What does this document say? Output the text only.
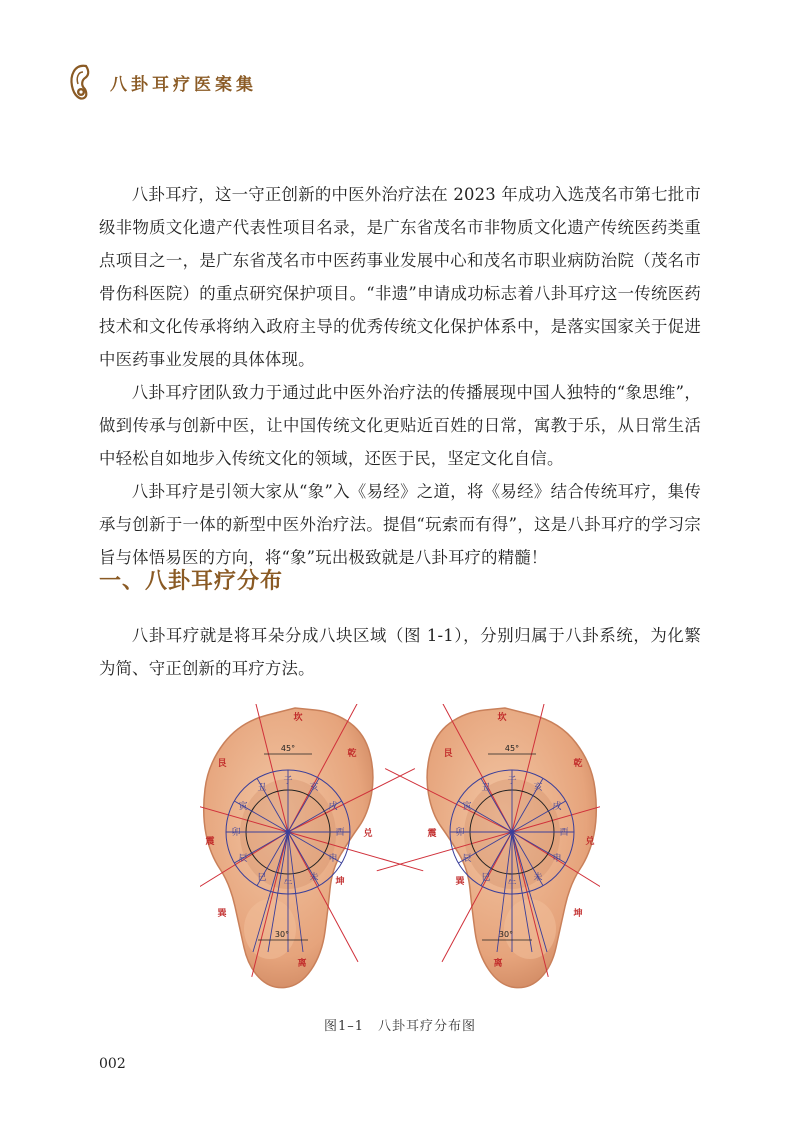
八卦耳疗医案集

八卦耳疗，这一守正创新的中医外治疗法在 2023 年成功入选茂名市第七批市级非物质文化遗产代表性项目名录，是广东省茂名市非物质文化遗产传统医药类重点项目之一，是广东省茂名市中医药事业发展中心和茂名市职业病防治院（茂名市骨伤科医院）的重点研究保护项目。“非遗”申请成功标志着八卦耳疗这一传统医药技术和文化传承将纳入政府主导的优秀传统文化保护体系中，是落实国家关于促进中医药事业发展的具体体现。

八卦耳疗团队致力于通过此中医外治疗法的传播展现中国人独特的“象思维”，做到传承与创新中医，让中国传统文化更贴近百姓的日常，寓教于乐，从日常生活中轻松自如地步入传统文化的领域，还医于民，坚定文化自信。

八卦耳疗是引领大家从“象”入《易经》之道，将《易经》结合传统耳疗，集传承与创新于一体的新型中医外治疗法。提倡“玩索而有得”，这是八卦耳疗的学习宗旨与体悟易医的方向，将“象”玩出极致就是八卦耳疗的精髓！

一、八卦耳疗分布

八卦耳疗就是将耳朵分成八块区域（图 1-1），分别归属于八卦系统，为化繁为简、守正创新的耳疗方法。

45°
30°
子
亥
戌
酉
申
未
午
巳
辰
卯
寅
丑
坎
乾
兑
坤
离
巽
震
艮
45°
30°
子
丑
寅
卯
辰
巳
午
未
申
酉
戌
亥
坎
艮
震
巽
离
坤
兑
乾
图1–1　八卦耳疗分布图
002
